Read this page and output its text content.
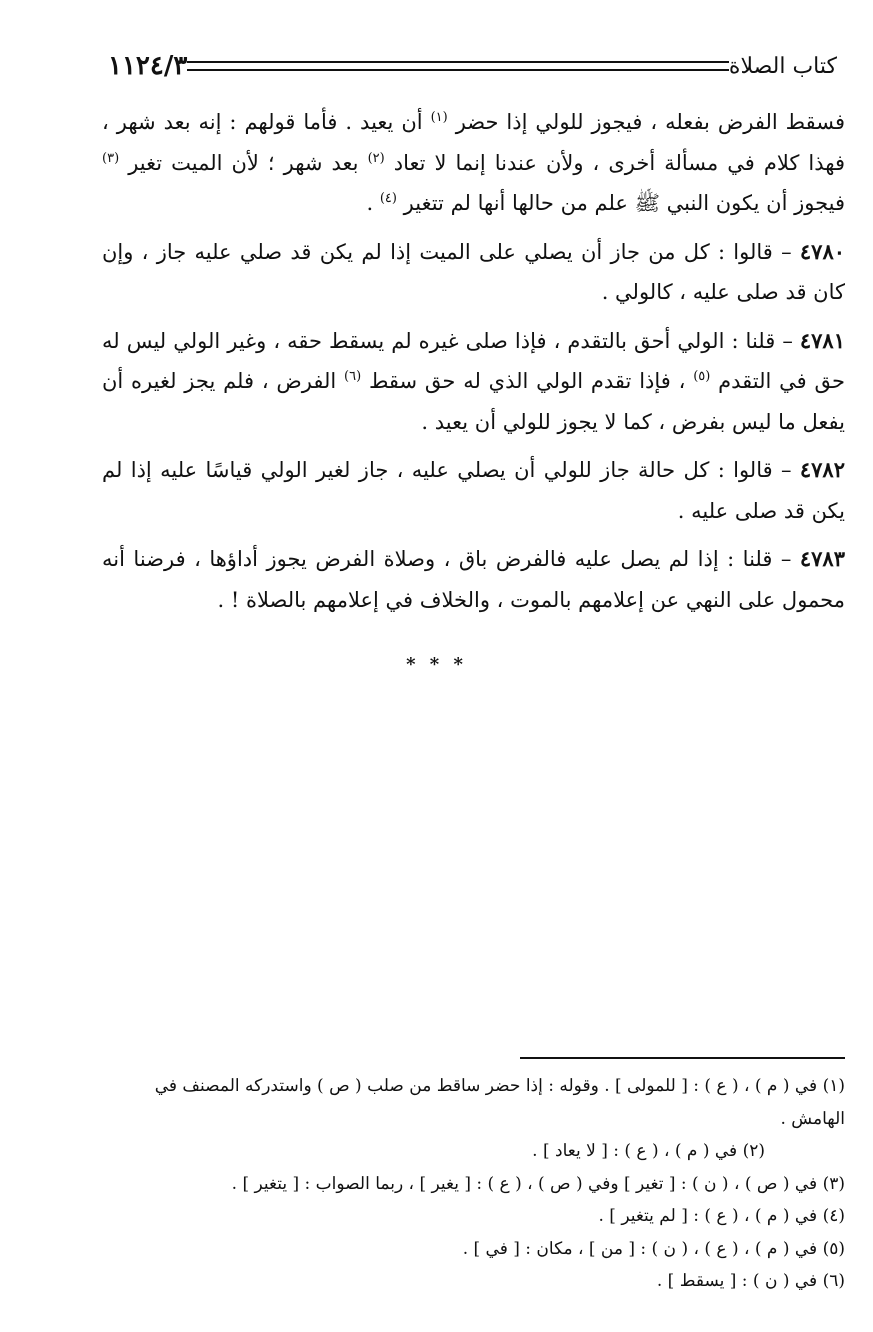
كتاب الصلاة
١١٢٤/٣

فسقط الفرض بفعله ، فيجوز للولي إذا حضر $^{(١)}$ أن يعيد . فأما قولهم : إنه بعد شهر ، فهذا كلام في مسألة أخرى ، ولأن عندنا إنما لا تعاد $^{(٢)}$ بعد شهر ؛ لأن الميت تغير $^{(٣)}$ فيجوز أن يكون النبي ﷺ علم من حالها أنها لم تتغير $^{(٤)}$ .

٤٧٨٠ – قالوا : كل من جاز أن يصلي على الميت إذا لم يكن قد صلي عليه جاز ، وإن كان قد صلى عليه ، كالولي .

٤٧٨١ – قلنا : الولي أحق بالتقدم ، فإذا صلى غيره لم يسقط حقه ، وغير الولي ليس له حق في التقدم $^{(٥)}$ ، فإذا تقدم الولي الذي له حق سقط $^{(٦)}$ الفرض ، فلم يجز لغيره أن يفعل ما ليس بفرض ، كما لا يجوز للولي أن يعيد .

٤٧٨٢ – قالوا : كل حالة جاز للولي أن يصلي عليه ، جاز لغير الولي قياسًا عليه إذا لم يكن قد صلى عليه .

٤٧٨٣ – قلنا : إذا لم يصل عليه فالفرض باق ، وصلاة الفرض يجوز أداؤها ، فرضنا أنه محمول على النهي عن إعلامهم بالموت ، والخلاف في إعلامهم بالصلاة ! .

* * *

(١) في ( م ) ، ( ع ) : [ للمولى ] . وقوله : إذا حضر ساقط من صلب ( ص ) واستدركه المصنف في الهامش .

(٢) في ( م ) ، ( ع ) : [ لا يعاد ] .

(٣) في ( ص ) ، ( ن ) : [ تغير ] وفي ( ص ) ، ( ع ) : [ يغير ] ، ربما الصواب : [ يتغير ] .

(٤) في ( م ) ، ( ع ) : [ لم يتغير ] .

(٥) في ( م ) ، ( ع ) ، ( ن ) : [ من ] ، مكان : [ في ] .

(٦) في ( ن ) : [ يسقط ] .
